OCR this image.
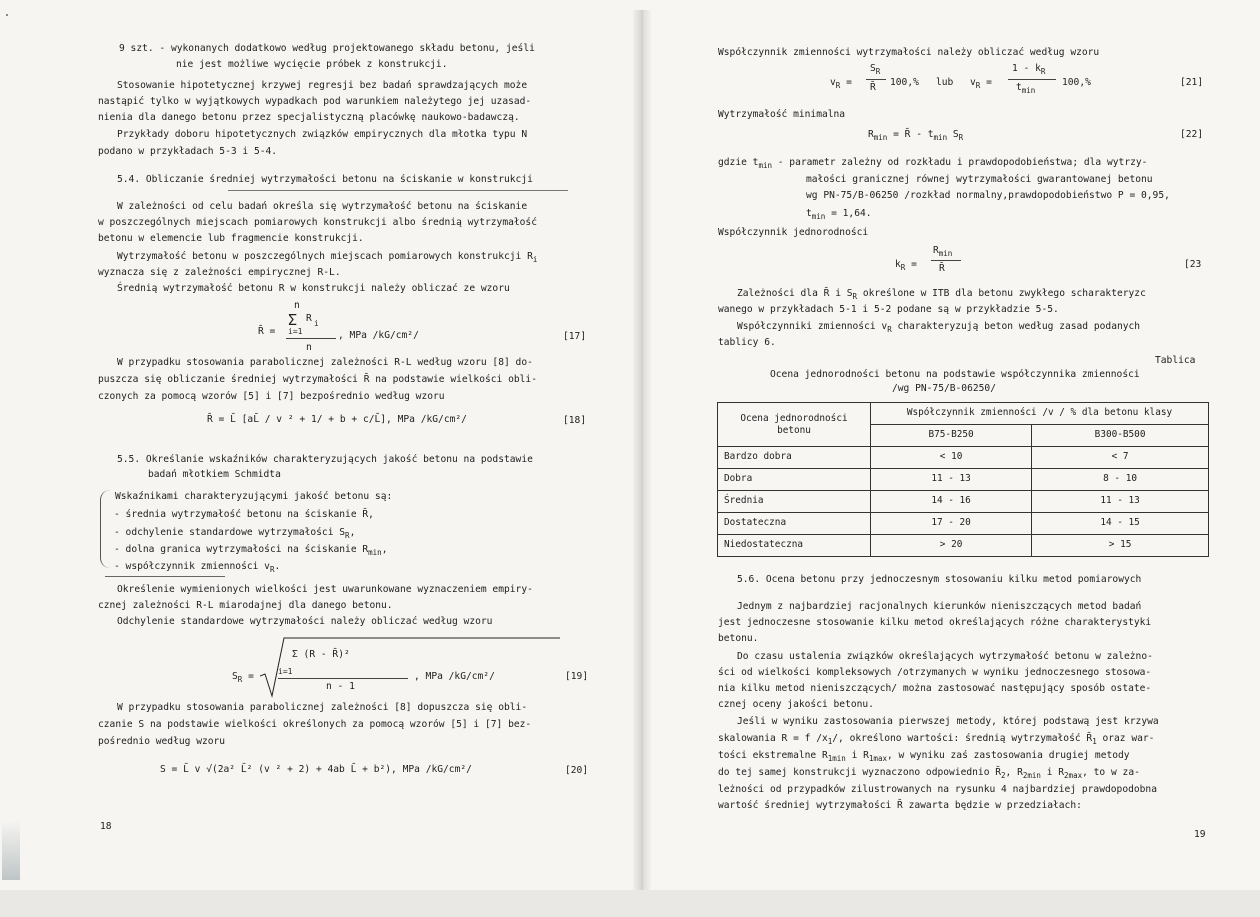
9 szt. - wykonanych dodatkowo według projektowanego składu betonu, jeśli
nie jest możliwe wycięcie próbek z konstrukcji.
Stosowanie hipotetycznej krzywej regresji bez badań sprawdzających może
nastąpić tylko w wyjątkowych wypadkach pod warunkiem należytego jej uzasad-
nienia dla danego betonu przez specjalistyczną placówkę naukowo-badawczą.
Przykłady doboru hipotetycznych związków empirycznych dla młotka typu N
podano w przykładach 5-3 i 5-4.
5.4. Obliczanie średniej wytrzymałości betonu na ściskanie w konstrukcji
W zależności od celu badań określa się wytrzymałość betonu na ściskanie
w poszczególnych miejscach pomiarowych konstrukcji albo średnią wytrzymałość
betonu w elemencie lub fragmencie konstrukcji.
Wytrzymałość betonu w poszczególnych miejscach pomiarowych konstrukcji $R_i$
wyznacza się z zależności empirycznej R-L.
Średnią wytrzymałość betonu R w konstrukcji należy obliczać ze wzoru
R̄ =
n
Σ R i
i=1
n
, MPa /kG/cm²/	[17]
W przypadku stosowania parabolicznej zależności R-L według wzoru [8] do-
puszcza się obliczanie średniej wytrzymałości R̄ na podstawie wielkości obli-
czonych za pomocą wzorów [5] i [7] bezpośrednio według wzoru
R̄ = L̄ [aL̄ / v ² + 1/ + b + c/L̄], MPa /kG/cm²/	[18]
5.5. Określanie wskaźników charakteryzujących jakość betonu na podstawie
badań młotkiem Schmidta
Wskaźnikami charakteryzującymi jakość betonu są:
- średnia wytrzymałość betonu na ściskanie R̄,
- odchylenie standardowe wytrzymałości $S_R$,
- dolna granica wytrzymałości na ściskanie $R_{min}$,
- współczynnik zmienności $v_R$.
Określenie wymienionych wielkości jest uwarunkowane wyznaczeniem empiry-
cznej zależności R-L miarodajnej dla danego betonu.
Odchylenie standardowe wytrzymałości należy obliczać według wzoru
$S_R$ =
Σ (R - R̄)²
i=1
n - 1
, MPa /kG/cm²/	[19]
W przypadku stosowania parabolicznej zależności [8] dopuszcza się obli-
czanie S na podstawie wielkości określonych za pomocą wzorów [5] i [7] bez-
pośrednio według wzoru
S = L̄ v √(2a² L̄² (v ² + 2) + 4ab L̄ + b²), MPa /kG/cm²/	[20]
18
Współczynnik zmienności wytrzymałości należy obliczać według wzoru
$v_R$ =
$S_R$
R̄ 100,% lub $v_R$ =
$1 - k_R$
$t_{min}$
100,%	[21]
Wytrzymałość minimalna
$R_{min}$ = R̄ - $t_{min}$ $S_R$	[22]
gdzie $t_{min}$ - parametr zależny od rozkładu i prawdopodobieństwa; dla wytrzy-
małości granicznej równej wytrzymałości gwarantowanej betonu
wg PN-75/B-06250 /rozkład normalny,prawdopodobieństwo P = 0,95,
$t_{min} = 1,64$.
Współczynnik jednorodności
$k_R$ =
$R_{min}$
R̄	[23
Zależności dla R̄ i $S_R$ określone w ITB dla betonu zwykłego scharakteryzc
wanego w przykładach 5-1 i 5-2 podane są w przykładzie 5-5.
Współczynniki zmienności $v_R$ charakteryzują beton według zasad podanych
tablicy 6.
Tablica
Ocena jednorodności betonu na podstawie współczynnika zmienności
/wg PN-75/B-06250/
Ocena jednorodności betonu	Współczynnik zmienności /v / % dla betonu klasy	
	B75-B250	B300-B500
Bardzo dobra	< 10	< 7
Dobra	11 - 13	8 - 10
Średnia	14 - 16	11 - 13
Dostateczna	17 - 20	14 - 15
Niedostateczna	> 20	> 15
5.6. Ocena betonu przy jednoczesnym stosowaniu kilku metod pomiarowych
Jednym z najbardziej racjonalnych kierunków nieniszczących metod badań
jest jednoczesne stosowanie kilku metod określających różne charakterystyki
betonu.
Do czasu ustalenia związków określających wytrzymałość betonu w zależno-
ści od wielkości kompleksowych /otrzymanych w wyniku jednoczesnego stosowa-
nia kilku metod nieniszczących/ można zastosować następujący sposób ostate-
cznej oceny jakości betonu.
Jeśli w wyniku zastosowania pierwszej metody, której podstawą jest krzywa
skalowania R = f $/x_1/$, określono wartości: średnią wytrzymałość $R̄_1$ oraz war-
tości ekstremalne $R_{1min}$ i $R_{1max}$, w wyniku zaś zastosowania drugiej metody
do tej samej konstrukcji wyznaczono odpowiednio $R̄_2$, $R_{2min}$ i $R_{2max}$, to w za-
leżności od przypadków zilustrowanych na rysunku 4 najbardziej prawdopodobna
wartość średniej wytrzymałości R̄ zawarta będzie w przedziałach:
19
